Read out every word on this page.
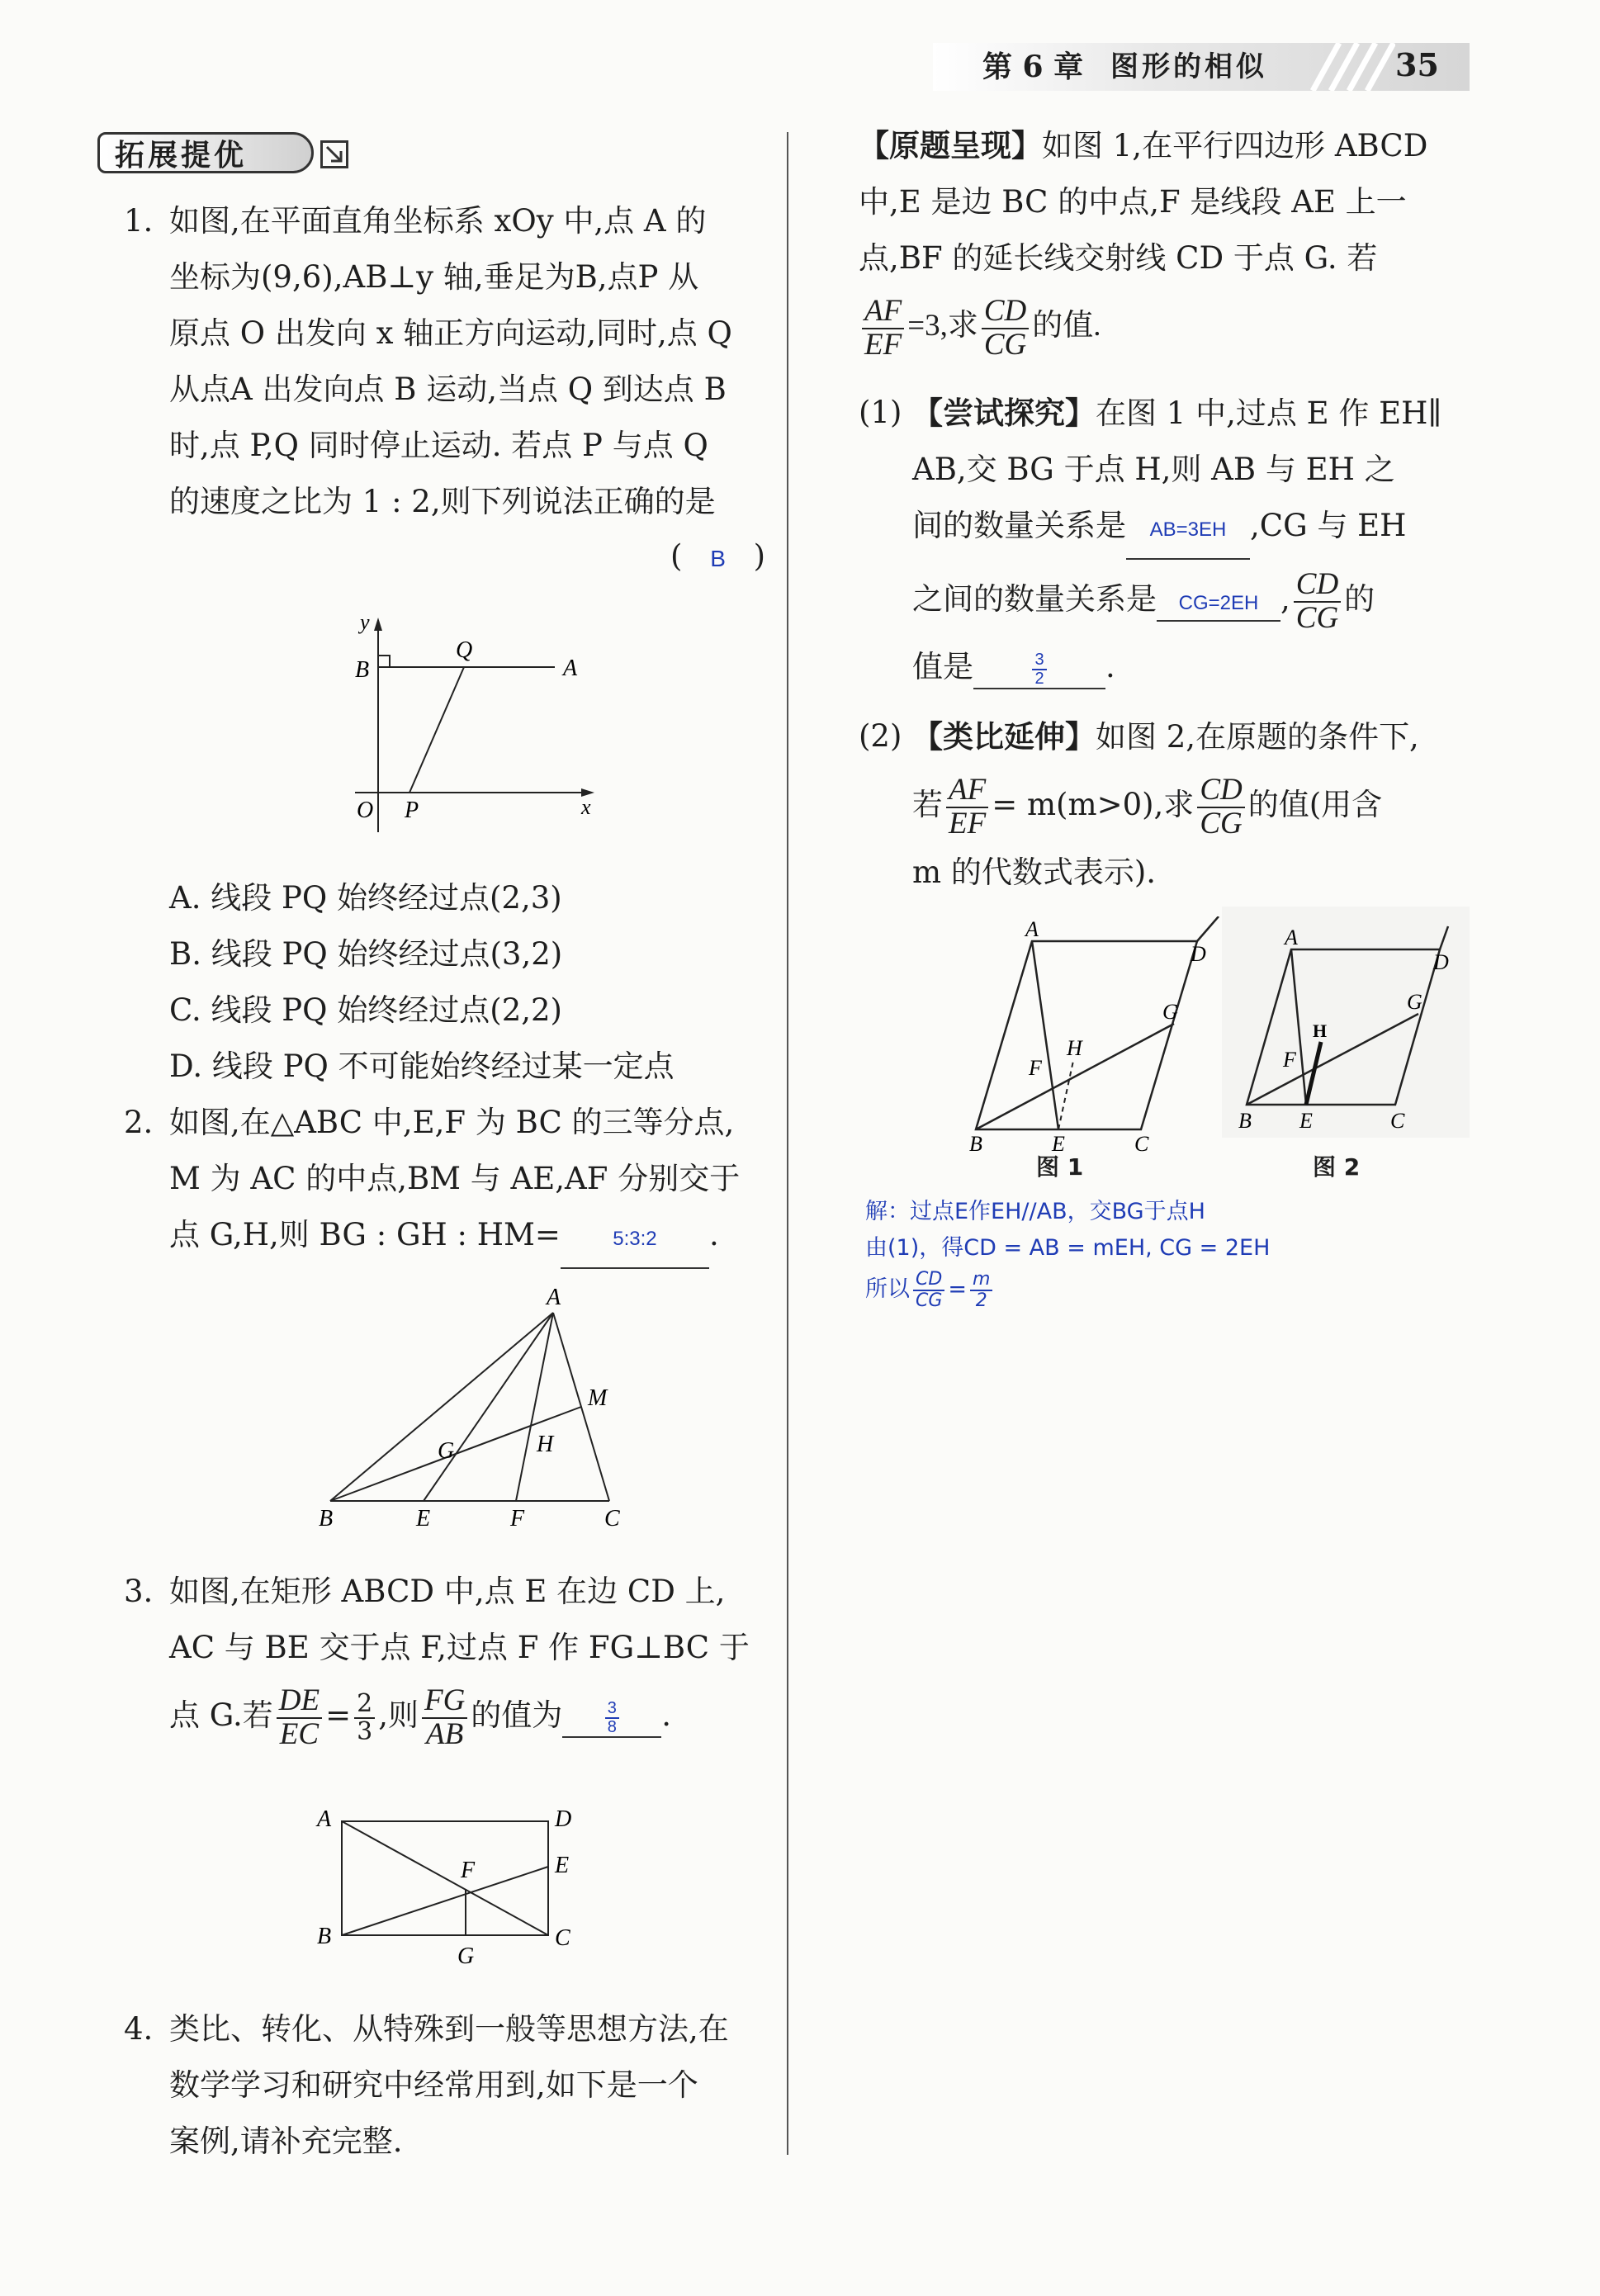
第 6 章 图形的相似	35
拓展提优
1. 如图,在平面直角坐标系 xOy 中,点 A 的
坐标为(9,6),AB⊥y 轴,垂足为B,点P 从
原点 O 出发向 x 轴正方向运动,同时,点 Q
从点A 出发向点 B 运动,当点 Q 到达点 B
时,点 P,Q 同时停止运动. 若点 P 与点 Q
的速度之比为 1 : 2,则下列说法正确的是
( B )
y
B
Q
A
O P	x
A. 线段 PQ 始终经过点(2,3)
B. 线段 PQ 始终经过点(3,2)
C. 线段 PQ 始终经过点(2,2)
D. 线段 PQ 不可能始终经过某一定点
2. 如图,在△ABC 中,E,F 为 BC 的三等分点,
M 为 AC 的中点,BM 与 AE,AF 分别交于
点 G,H,则 BG : GH : HM=	5:3:2 .
A
M
G	H
B	E	F	C
3. 如图,在矩形 ABCD 中,点 E 在边 CD 上,
AC 与 BE 交于点 F,过点 F 作 FG⊥BC 于
点 G.若 $\frac{DE}{EC} = \frac{2}{3}$ ,则 $\frac{FG}{AB}$ 的值为	$\frac{3}{8}$ .
A	D
E
F
B
G
C
4. 类比、转化、从特殊到一般等思想方法,在
数学学习和研究中经常用到,如下是一个
案例,请补充完整.
【原题呈现】如图 1,在平行四边形 ABCD
中,E 是边 BC 的中点,F 是线段 AE 上一
点,BF 的延长线交射线 CD 于点 G. 若
$\frac{AF}{EF} =3$,求 $\frac{CD}{CG}$ 的值.
(1) 【尝试探究】在图 1 中,过点 E 作 EH∥
AB,交 BG 于点 H,则 AB 与 EH 之
间的数量关系是 AB=3EH ,CG 与 EH
之间的数量关系是 CG=2EH , $\frac{CD}{CG}$ 的
值是	$\frac{3}{2}$ .
(2) 【类比延伸】如图 2,在原题的条件下,
若 $\frac{AF}{EF} = m(m>0)$,求 $\frac{CD}{CG}$ 的值(用含
m 的代数式表示).
A
D
G
H
F
B	E	C
图 1
A
D
G
H
F
B E	C
图 2
解：过点E作EH//AB，交BG于点H
由(1)，得CD = AB = mEH, CG = 2EH
所以 $\frac{CD}{CG} = \frac{m}{2}$
